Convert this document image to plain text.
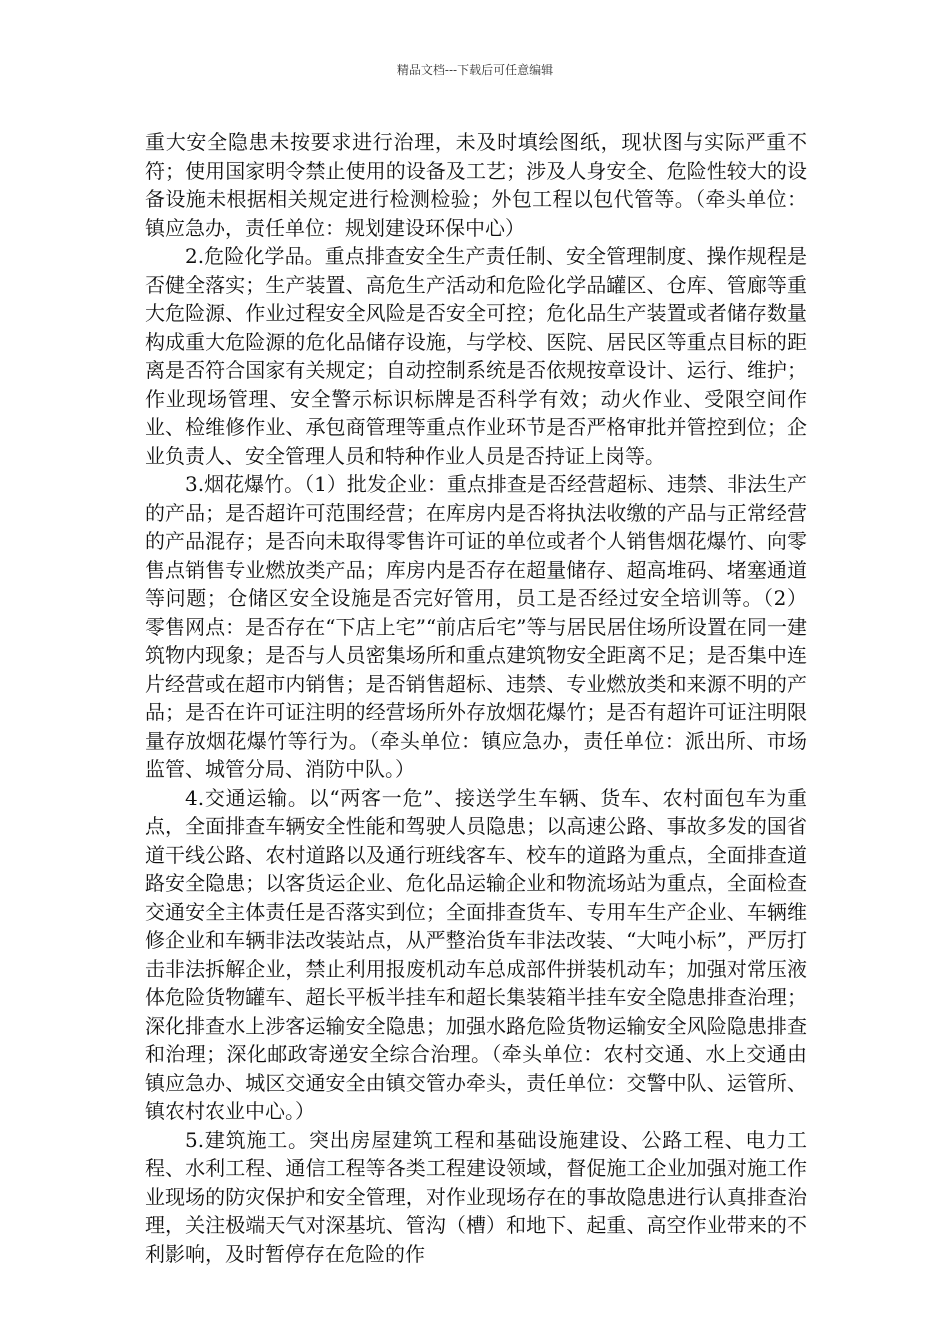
精品文档---下载后可任意编辑

重大安全隐患未按要求进行治理，未及时填绘图纸，现状图与实际严重不符；使用国家明令禁止使用的设备及工艺；涉及人身安全、危险性较大的设备设施未根据相关规定进行检测检验；外包工程以包代管等。（牵头单位：镇应急办，责任单位：规划建设环保中心）

2.危险化学品。重点排查安全生产责任制、安全管理制度、操作规程是否健全落实；生产装置、高危生产活动和危险化学品罐区、仓库、管廊等重大危险源、作业过程安全风险是否安全可控；危化品生产装置或者储存数量构成重大危险源的危化品储存设施，与学校、医院、居民区等重点目标的距离是否符合国家有关规定；自动控制系统是否依规按章设计、运行、维护；作业现场管理、安全警示标识标牌是否科学有效；动火作业、受限空间作业、检维修作业、承包商管理等重点作业环节是否严格审批并管控到位；企业负责人、安全管理人员和特种作业人员是否持证上岗等。

3.烟花爆竹。（1）批发企业：重点排查是否经营超标、违禁、非法生产的产品；是否超许可范围经营；在库房内是否将执法收缴的产品与正常经营的产品混存；是否向未取得零售许可证的单位或者个人销售烟花爆竹、向零售点销售专业燃放类产品；库房内是否存在超量储存、超高堆码、堵塞通道等问题；仓储区安全设施是否完好管用，员工是否经过安全培训等。（2）零售网点：是否存在“下店上宅”“前店后宅”等与居民居住场所设置在同一建筑物内现象；是否与人员密集场所和重点建筑物安全距离不足；是否集中连片经营或在超市内销售；是否销售超标、违禁、专业燃放类和来源不明的产品；是否在许可证注明的经营场所外存放烟花爆竹；是否有超许可证注明限量存放烟花爆竹等行为。（牵头单位：镇应急办，责任单位：派出所、市场监管、城管分局、消防中队。）

4.交通运输。以“两客一危”、接送学生车辆、货车、农村面包车为重点，全面排查车辆安全性能和驾驶人员隐患；以高速公路、事故多发的国省道干线公路、农村道路以及通行班线客车、校车的道路为重点，全面排查道路安全隐患；以客货运企业、危化品运输企业和物流场站为重点，全面检查交通安全主体责任是否落实到位；全面排查货车、专用车生产企业、车辆维修企业和车辆非法改装站点，从严整治货车非法改装、“大吨小标”，严厉打击非法拆解企业，禁止利用报废机动车总成部件拼装机动车；加强对常压液体危险货物罐车、超长平板半挂车和超长集装箱半挂车安全隐患排查治理；深化排查水上涉客运输安全隐患；加强水路危险货物运输安全风险隐患排查和治理；深化邮政寄递安全综合治理。（牵头单位：农村交通、水上交通由镇应急办、城区交通安全由镇交管办牵头，责任单位：交警中队、运管所、镇农村农业中心。）

5.建筑施工。突出房屋建筑工程和基础设施建设、公路工程、电力工程、水利工程、通信工程等各类工程建设领域，督促施工企业加强对施工作业现场的防灾保护和安全管理，对作业现场存在的事故隐患进行认真排查治理，关注极端天气对深基坑、管沟（槽）和地下、起重、高空作业带来的不利影响，及时暂停存在危险的作
